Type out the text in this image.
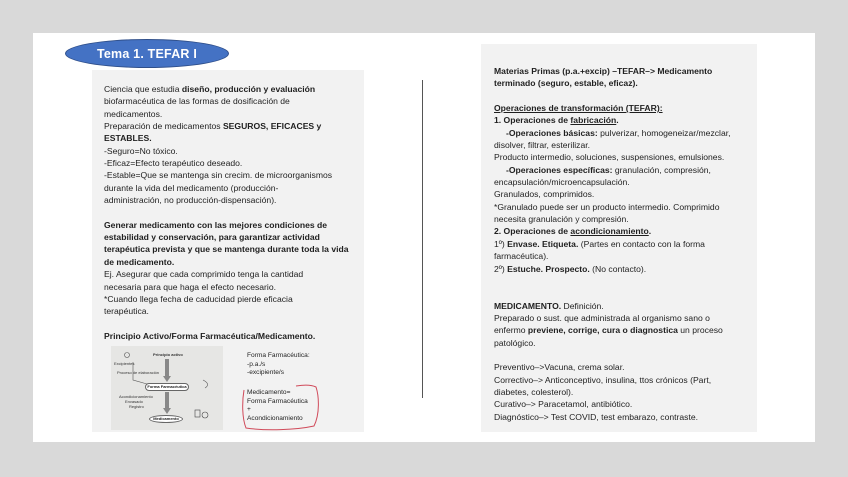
Tema 1. TEFAR I

Ciencia que estudia diseño, producción y evaluación

biofarmacéutica de las formas de dosificación de

medicamentos.

Preparación de medicamentos SEGUROS, EFICACES y

ESTABLES.

-Seguro=No tóxico.

-Eficaz=Efecto terapéutico deseado.

-Estable=Que se mantenga sin crecim. de microorganismos

durante la vida del medicamento (producción-

administración, no producción-dispensación).

Generar medicamento con las mejores condiciones de

estabilidad y conservación, para garantizar actividad

terapéutica prevista y que se mantenga durante toda la vida

de medicamento.

Ej. Asegurar que cada comprimido tenga la cantidad

necesaria para que haga el efecto necesario.

*Cuando llega fecha de caducidad pierde eficacia

terapéutica.

Principio Activo/Forma Farmacéutica/Medicamento.

Principio activo
Excipientes
Proceso de elaboración
Forma Farmacéutica
Acondicionamiento
Envasado
Registro
Medicamento

Forma Farmacéutica:

-p.a./s

-excipiente/s

Medicamento=

Forma Farmacéutica

+

Acondicionamiento

Materias Primas (p.a.+excip) –TEFAR–> Medicamento

terminado (seguro, estable, eficaz).

Operaciones de transformación (TEFAR):

1. Operaciones de fabricación.

-Operaciones básicas: pulverizar, homogeneizar/mezclar,

disolver, filtrar, esterilizar.

Producto intermedio, soluciones, suspensiones, emulsiones.

-Operaciones específicas: granulación, compresión,

encapsulación/microencapsulación.

Granulados, comprimidos.

*Granulado puede ser un producto intermedio. Comprimido

necesita granulación y compresión.

2. Operaciones de acondicionamiento.

1º) Envase. Etiqueta. (Partes en contacto con la forma

farmacéutica).

2º) Estuche. Prospecto. (No contacto).

MEDICAMENTO. Definición.

Preparado o sust. que administrada al organismo sano o

enfermo previene, corrige, cura o diagnostica un proceso

patológico.

Preventivo–>Vacuna, crema solar.

Correctivo–> Anticonceptivo, insulina, ttos crónicos (Part,

diabetes, colesterol).

Curativo–> Paracetamol, antibiótico.

Diagnóstico–> Test COVID, test embarazo, contraste.
